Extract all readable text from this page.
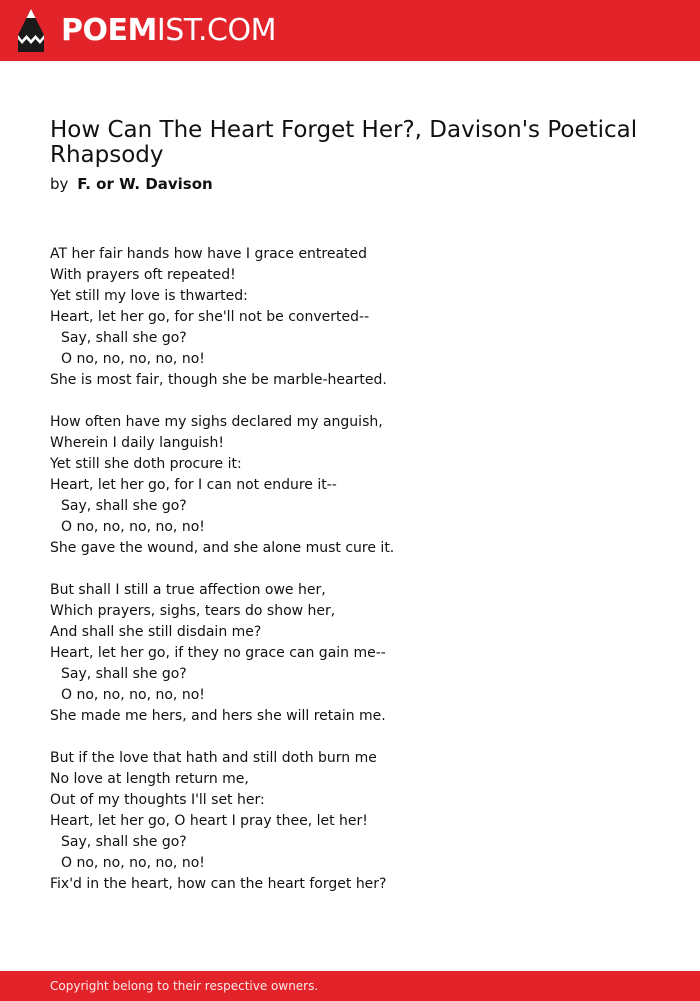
POEMIST.COM
How Can The Heart Forget Her?, Davison's Poetical Rhapsody
by F. or W. Davison
AT her fair hands how have I grace entreated
With prayers oft repeated!
Yet still my love is thwarted:
Heart, let her go, for she'll not be converted--
Say, shall she go?
O no, no, no, no, no!
She is most fair, though she be marble-hearted.
How often have my sighs declared my anguish,
Wherein I daily languish!
Yet still she doth procure it:
Heart, let her go, for I can not endure it--
Say, shall she go?
O no, no, no, no, no!
She gave the wound, and she alone must cure it.
But shall I still a true affection owe her,
Which prayers, sighs, tears do show her,
And shall she still disdain me?
Heart, let her go, if they no grace can gain me--
Say, shall she go?
O no, no, no, no, no!
She made me hers, and hers she will retain me.
But if the love that hath and still doth burn me
No love at length return me,
Out of my thoughts I'll set her:
Heart, let her go, O heart I pray thee, let her!
Say, shall she go?
O no, no, no, no, no!
Fix'd in the heart, how can the heart forget her?
Copyright belong to their respective owners.
